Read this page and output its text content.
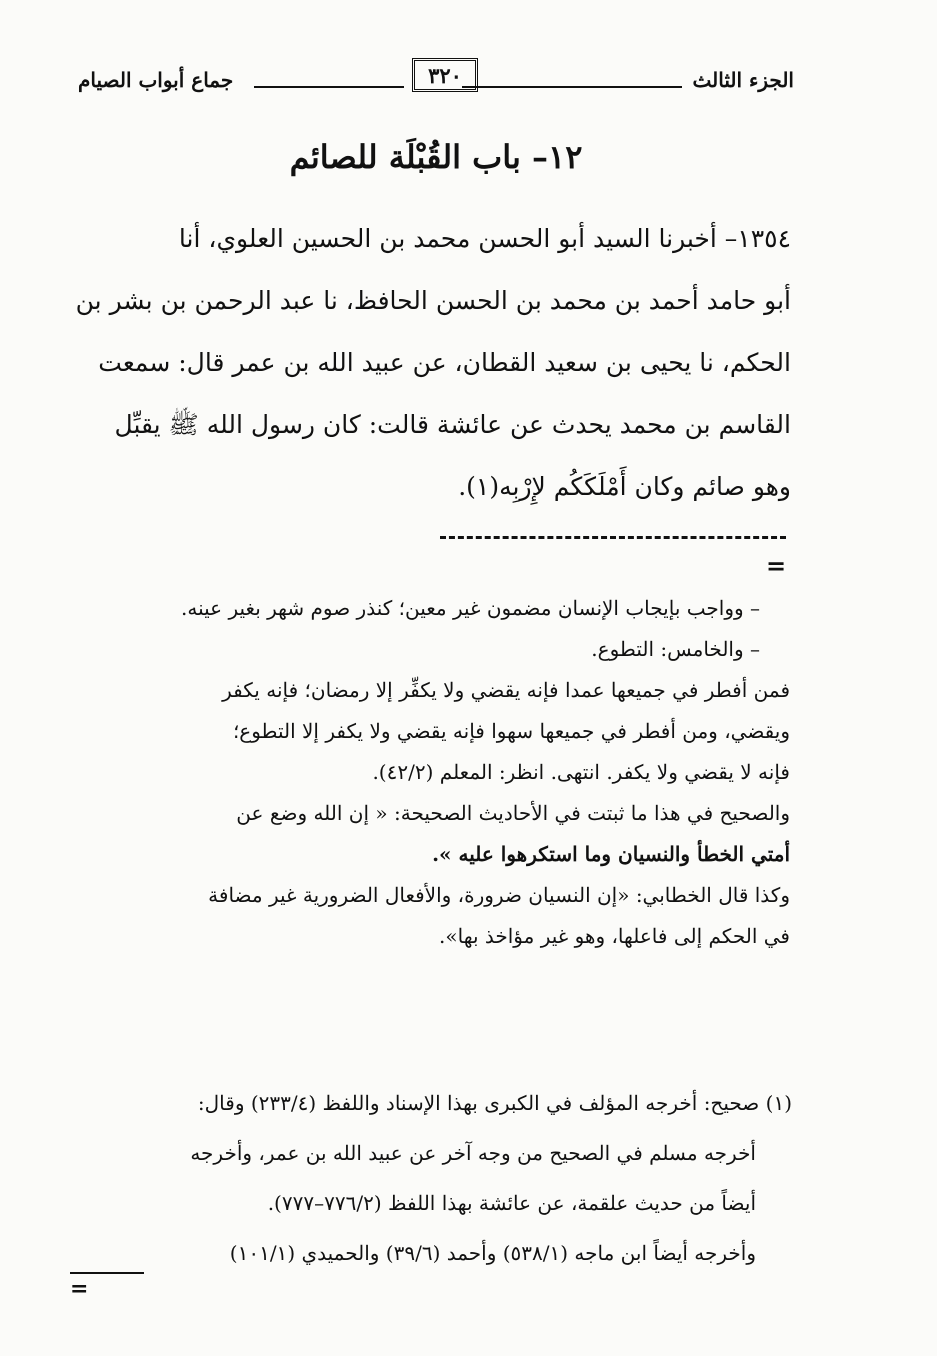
الجزء الثالث
٣٢٠
جماع أبواب الصيام
١٢– باب القُبْلَة للصائم

١٣٥٤– أخبرنا السيد أبو الحسن محمد بن الحسين العلوي، أنا
أبو حامد أحمد بن محمد بن الحسن الحافظ، نا عبد الرحمن بن بشر بن
الحكم، نا يحيى بن سعيد القطان، عن عبيد الله بن عمر قال: سمعت
القاسم بن محمد يحدث عن عائشة قالت: كان رسول الله ﷺ يقبِّل
وهو صائم وكان أَمْلَكَكُم لإِرْبِه(١).

=

– وواجب بإيجاب الإنسان مضمون غير معين؛ كنذر صوم شهر بغير عينه.

– والخامس: التطوع.

فمن أفطر في جميعها عمدا فإنه يقضي ولا يكفِّر إلا رمضان؛ فإنه يكفر

ويقضي، ومن أفطر في جميعها سهوا فإنه يقضي ولا يكفر إلا التطوع؛

فإنه لا يقضي ولا يكفر. انتهى. انظر: المعلم (٤٢/٢).

والصحيح في هذا ما ثبتت في الأحاديث الصحيحة: « إن الله وضع عن

أمتي الخطأ والنسيان وما استكرهوا عليه ».

وكذا قال الخطابي: «إن النسيان ضرورة، والأفعال الضرورية غير مضافة

في الحكم إلى فاعلها، وهو غير مؤاخذ بها».

(١) صحيح: أخرجه المؤلف في الكبرى بهذا الإسناد واللفظ (٢٣٣/٤) وقال:

أخرجه مسلم في الصحيح من وجه آخر عن عبيد الله بن عمر، وأخرجه

أيضاً من حديث علقمة، عن عائشة بهذا اللفظ (٧٧٦/٢–٧٧٧).

وأخرجه أيضاً ابن ماجه (٥٣٨/١) وأحمد (٣٩/٦) والحميدي (١٠١/١)

=
